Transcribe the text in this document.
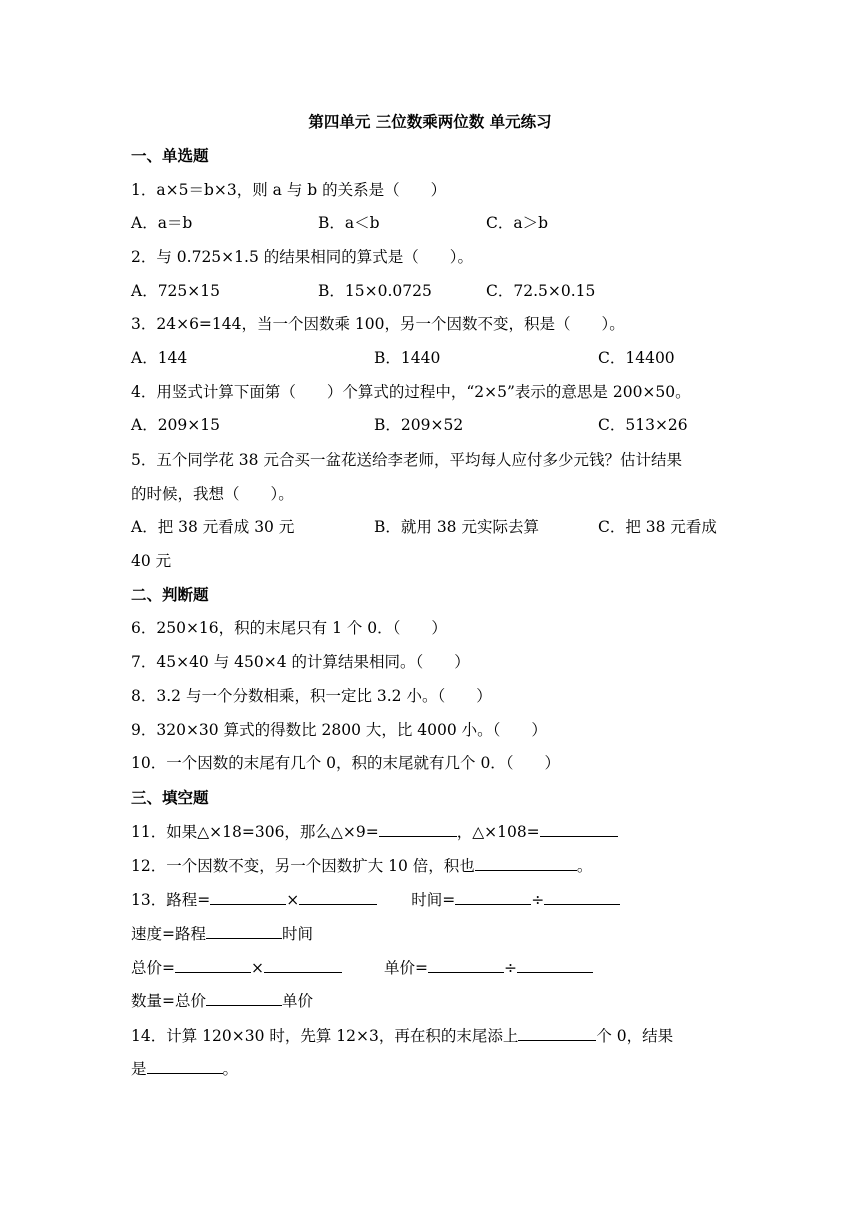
第四单元 三位数乘两位数 单元练习
一、单选题
1．a×5＝b×3，则 a 与 b 的关系是（　　）
A．a＝b	B．a＜b	C．a＞b
2．与 0.725×1.5 的结果相同的算式是（　　）。
A．725×15	B．15×0.0725	C．72.5×0.15
3．24×6=144，当一个因数乘 100，另一个因数不变，积是（　　）。
A．144	B．1440	C．14400
4．用竖式计算下面第（　　）个算式的过程中，“2×5”表示的意思是 200×50。
A．209×15	B．209×52	C．513×26
5．五个同学花 38 元合买一盆花送给李老师，平均每人应付多少元钱？估计结果
的时候，我想（　　）。
A．把 38 元看成 30 元	B．就用 38 元实际去算	C．把 38 元看成
40 元
二、判断题
6．250×16，积的末尾只有 1 个 0．（　　）
7．45×40 与 450×4 的计算结果相同。（　　）
8．3.2 与一个分数相乘，积一定比 3.2 小。（　　）
9．320×30 算式的得数比 2800 大，比 4000 小。（　　）
10．一个因数的末尾有几个 0，积的末尾就有几个 0．（　　）
三、填空题
11．如果△×18=306，那么△×9=	，△×108=
12．一个因数不变，另一个因数扩大 10 倍，积也	。
13．路程=	×	时间=	÷
速度=路程	时间
总价=	×	单价=	÷
数量=总价	单价
14．计算 120×30 时，先算 12×3，再在积的末尾添上	个 0，结果
是	。
